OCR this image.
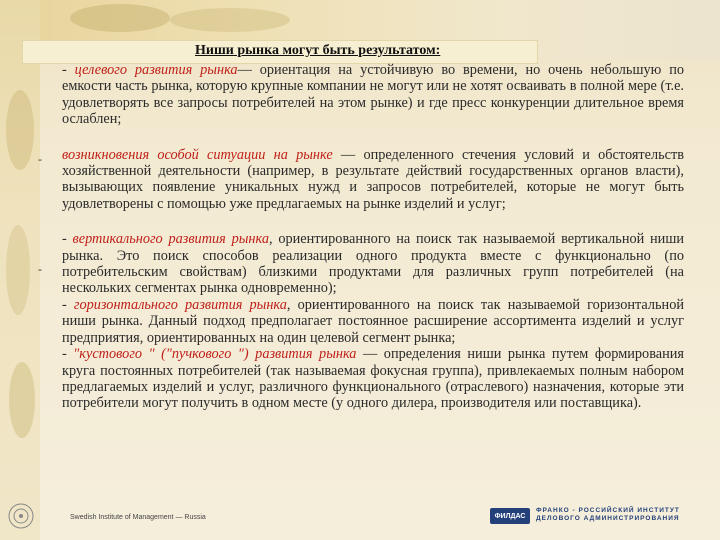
Ниши рынка могут быть результатом:
-
-

- целевого развития рынка— ориентация на устойчивую во времени, но очень небольшую по емкости часть рынка, которую крупные компании не могут или не хотят осваивать в полной мере (т.е. удовлетворять все запросы потребителей на этом рынке) и где пресс конкуренции длительное время ослаблен;

возникновения особой ситуации на рынке — определенного стечения условий и обстоятельств хозяйственной деятельности (например, в результате действий государственных органов власти), вызывающих появление уникальных нужд и запросов потребителей, которые не могут быть удовлетворены с помощью уже предлагаемых на рынке изделий и услуг;

- вертикального развития рынка, ориентированного на поиск так называемой вертикальной ниши рынка. Это поиск способов реализации одного продукта вместе с функционально (по потребительским свойствам) близкими продуктами для различных групп потребителей (на нескольких сегментах рынка одновременно);
- горизонтального развития рынка, ориентированного на поиск так называемой горизонтальной ниши рынка. Данный подход предполагает постоянное расширение ассортимента изделий и услуг предприятия, ориентированных на один целевой сегмент рынка;
- "кустового " ("пучкового ") развития рынка — определения ниши рынка путем формирования круга постоянных потребителей (так называемая фокусная группа), привлекаемых полным набором предлагаемых изделий и услуг, различного функционального (отраслевого) назначения, которые эти потребители могут получить в одном месте (у одного дилера, производителя или поставщика).

Swedish Institute of Management — Russia	ФИЛДАС
ФРАНКО - РОССИЙСКИЙ ИНСТИТУТ ДЕЛОВОГО АДМИНИСТРИРОВАНИЯ
